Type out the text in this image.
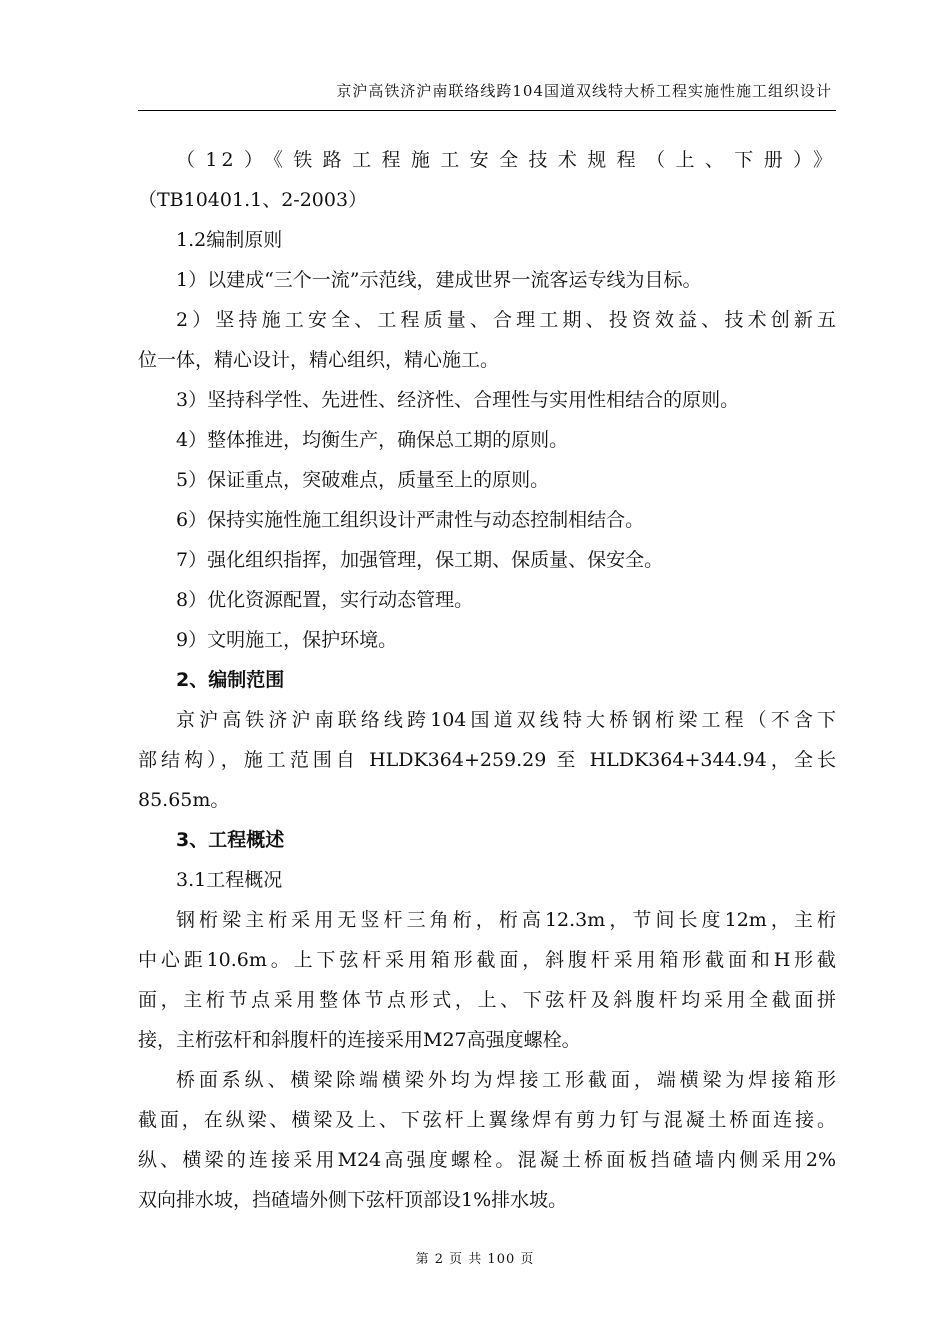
京沪高铁济沪南联络线跨104国道双线特大桥工程实施性施工组织设计

（12）《铁路工程施工安全技术规程（上、下册）》

（TB10401.1、2-2003）

1.2编制原则

1）以建成“三个一流”示范线，建成世界一流客运专线为目标。

2）坚持施工安全、工程质量、合理工期、投资效益、技术创新五

位一体，精心设计，精心组织，精心施工。

3）坚持科学性、先进性、经济性、合理性与实用性相结合的原则。

4）整体推进，均衡生产，确保总工期的原则。

5）保证重点，突破难点，质量至上的原则。

6）保持实施性施工组织设计严肃性与动态控制相结合。

7）强化组织指挥，加强管理，保工期、保质量、保安全。

8）优化资源配置，实行动态管理。

9）文明施工，保护环境。

2、编制范围

京沪高铁济沪南联络线跨104国道双线特大桥钢桁梁工程（不含下

部结构），施工范围自 HLDK364+259.29 至 HLDK364+344.94，全长

85.65m。

3、工程概述

3.1工程概况

钢桁梁主桁采用无竖杆三角桁，桁高12.3m，节间长度12m，主桁

中心距10.6m。上下弦杆采用箱形截面，斜腹杆采用箱形截面和H形截

面，主桁节点采用整体节点形式，上、下弦杆及斜腹杆均采用全截面拼

接，主桁弦杆和斜腹杆的连接采用M27高强度螺栓。

桥面系纵、横梁除端横梁外均为焊接工形截面，端横梁为焊接箱形

截面，在纵梁、横梁及上、下弦杆上翼缘焊有剪力钉与混凝土桥面连接。

纵、横梁的连接采用M24高强度螺栓。混凝土桥面板挡碴墙内侧采用2%

双向排水坡，挡碴墙外侧下弦杆顶部设1%排水坡。

第 2 页 共 100 页
